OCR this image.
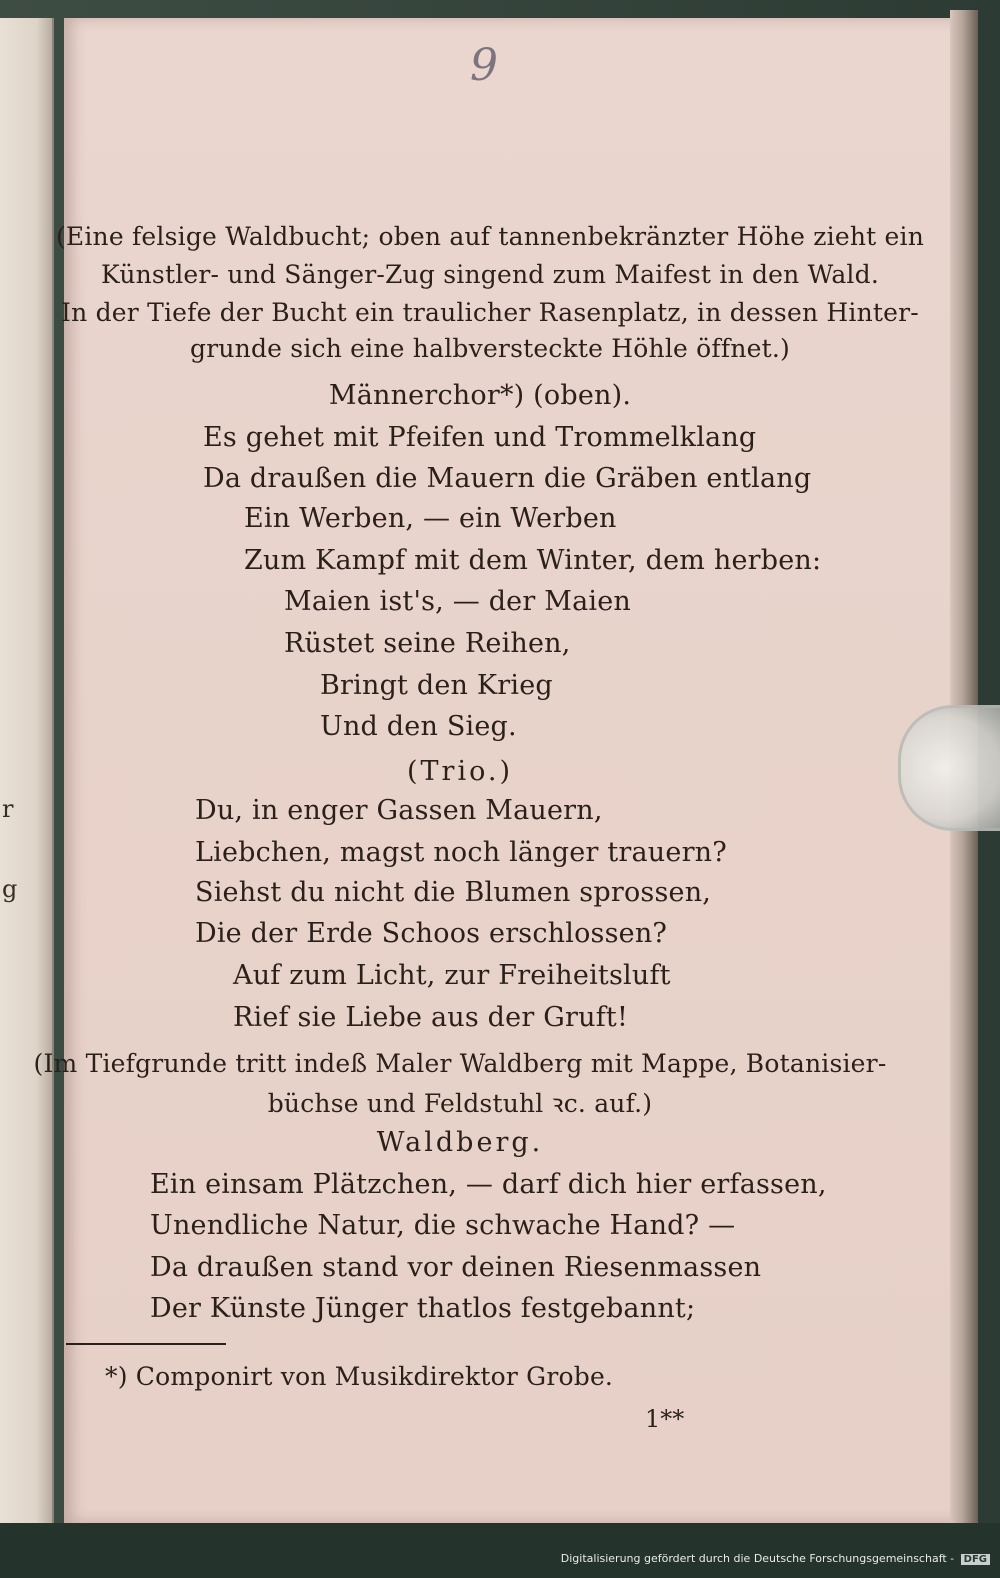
r
g
9
(Eine felsige Waldbucht; oben auf tannenbekränzter Höhe zieht ein
Künstler- und Sänger-Zug singend zum Maifest in den Wald.
In der Tiefe der Bucht ein traulicher Rasenplatz, in dessen Hinter-
grunde sich eine halbversteckte Höhle öffnet.)
Männerchor*) (oben).
Es gehet mit Pfeifen und Trommelklang
Da draußen die Mauern die Gräben entlang
Ein Werben, — ein Werben
Zum Kampf mit dem Winter, dem herben:
Maien ist's, — der Maien
Rüstet seine Reihen,
Bringt den Krieg
Und den Sieg.
(Trio.)
Du, in enger Gassen Mauern,
Liebchen, magst noch länger trauern?
Siehst du nicht die Blumen sprossen,
Die der Erde Schoos erschlossen?
Auf zum Licht, zur Freiheitsluft
Rief sie Liebe aus der Gruft!
(Im Tiefgrunde tritt indeß Maler Waldberg mit Mappe, Botanisier-
büchse und Feldstuhl ꝛc. auf.)
Waldberg.
Ein einsam Plätzchen, — darf dich hier erfassen,
Unendliche Natur, die schwache Hand? —
Da draußen stand vor deinen Riesenmassen
Der Künste Jünger thatlos festgebannt;
*) Componirt von Musikdirektor Grobe.
1**
Digitalisierung gefördert durch die Deutsche Forschungsgemeinschaft - DFG
